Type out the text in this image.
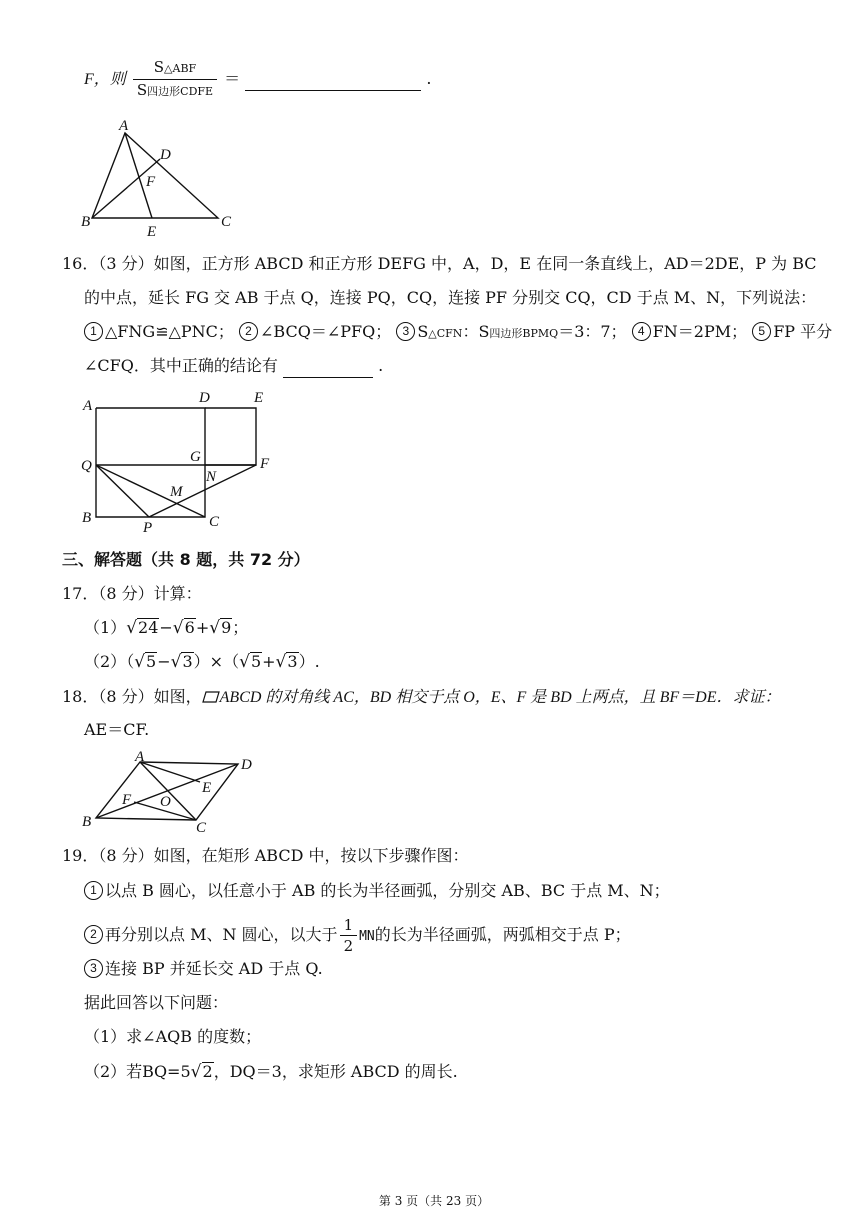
F，则 $\frac{\text{S△ABF}}{\text{S四边形CDFE}}$ ＝	.
A
B	C
D
E
F
16．（3 分）如图，正方形 ABCD 和正方形 DEFG 中，A，D，E 在同一条直线上，AD＝2DE，P 为 BC
的中点，延长 FG 交 AB 于点 Q，连接 PQ，CQ，连接 PF 分别交 CQ，CD 于点 M、N，下列说法：
1 △FNG≌△PNC； 2 ∠BCQ＝∠PFQ； 3 S△CFN：S四边形BPMQ＝3：7； 4 FN＝2PM； 5 FP 平分
∠CFQ．其中正确的结论有	.
A	D	E
G
Q	F
N
M
B
P	C
三、解答题（共 8 题，共 72 分）
17．（8 分）计算：
（1）√24−√6+√9；
（2）（√5−√3）×（√5+√3）.
18．（8 分）如图， ABCD 的对角线 AC，BD 相交于点 O，E、F 是 BD 上两点，且 BF＝DE．求证：
AE＝CF.
A	D
E
F O
B	C
19．（8 分）如图，在矩形 ABCD 中，按以下步骤作图：
1 以点 B 圆心，以任意小于 AB 的长为半径画弧，分别交 AB、BC 于点 M、N；
2 再分别以点 M、N 圆心，以大于 $\frac{1}{2}$ MN的长为半径画弧，两弧相交于点 P；
3 连接 BP 并延长交 AD 于点 Q.
据此回答以下问题：
（1）求∠AQB 的度数；
（2）若BQ=5√2，DQ＝3，求矩形 ABCD 的周长.
第 3 页（共 23 页）
